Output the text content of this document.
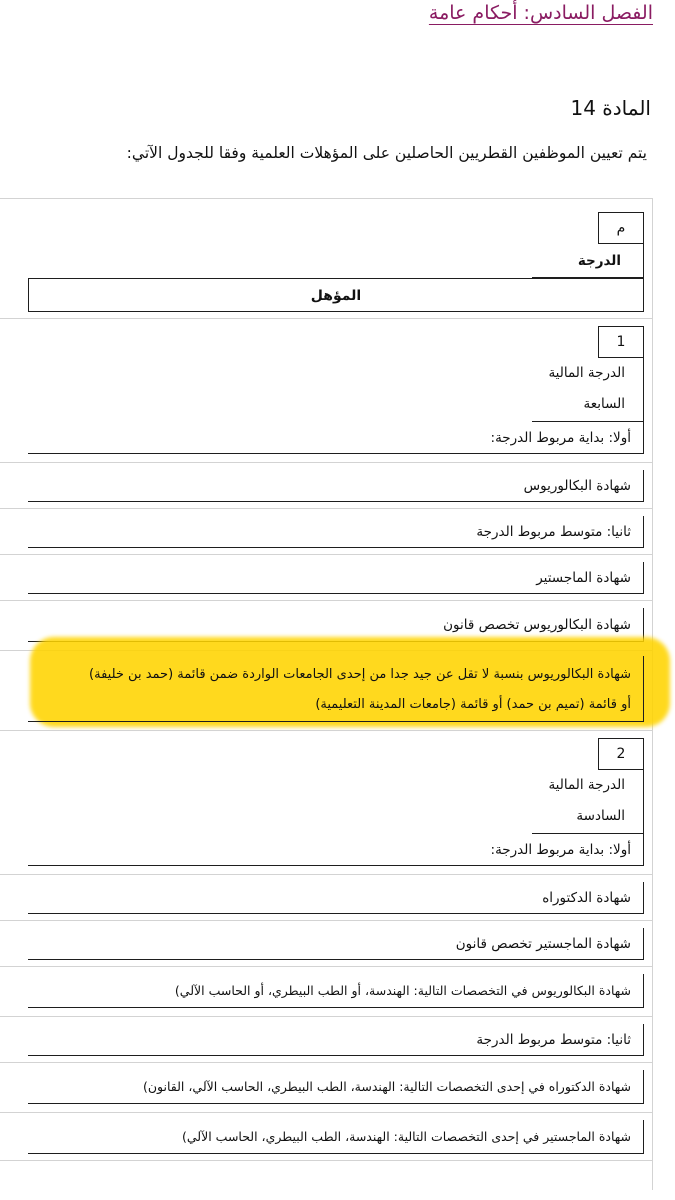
الفصل السادس: أحكام عامة
المادة 14
يتم تعيين الموظفين القطريين الحاصلين على المؤهلات العلمية وفقا للجدول الآتي:
م
الدرجة
المؤهل
1
الدرجة المالية
السابعة
أولا: بداية مربوط الدرجة:
شهادة البكالوريوس
ثانيا: متوسط مربوط الدرجة
شهادة الماجستير
شهادة البكالوريوس تخصص قانون
شهادة البكالوريوس بنسبة لا تقل عن جيد جدا من إحدى الجامعات الواردة ضمن قائمة (حمد بن خليفة)
أو قائمة (تميم بن حمد) أو قائمة (جامعات المدينة التعليمية)
2
الدرجة المالية
السادسة
أولا: بداية مربوط الدرجة:
شهادة الدكتوراه
شهادة الماجستير تخصص قانون
شهادة البكالوريوس في التخصصات التالية: الهندسة، أو الطب البيطري، أو الحاسب الآلي)
ثانيا: متوسط مربوط الدرجة
شهادة الدكتوراه في إحدى التخصصات التالية: الهندسة، الطب البيطري، الحاسب الآلي، القانون)
شهادة الماجستير في إحدى التخصصات التالية: الهندسة، الطب البيطري، الحاسب الآلي)
